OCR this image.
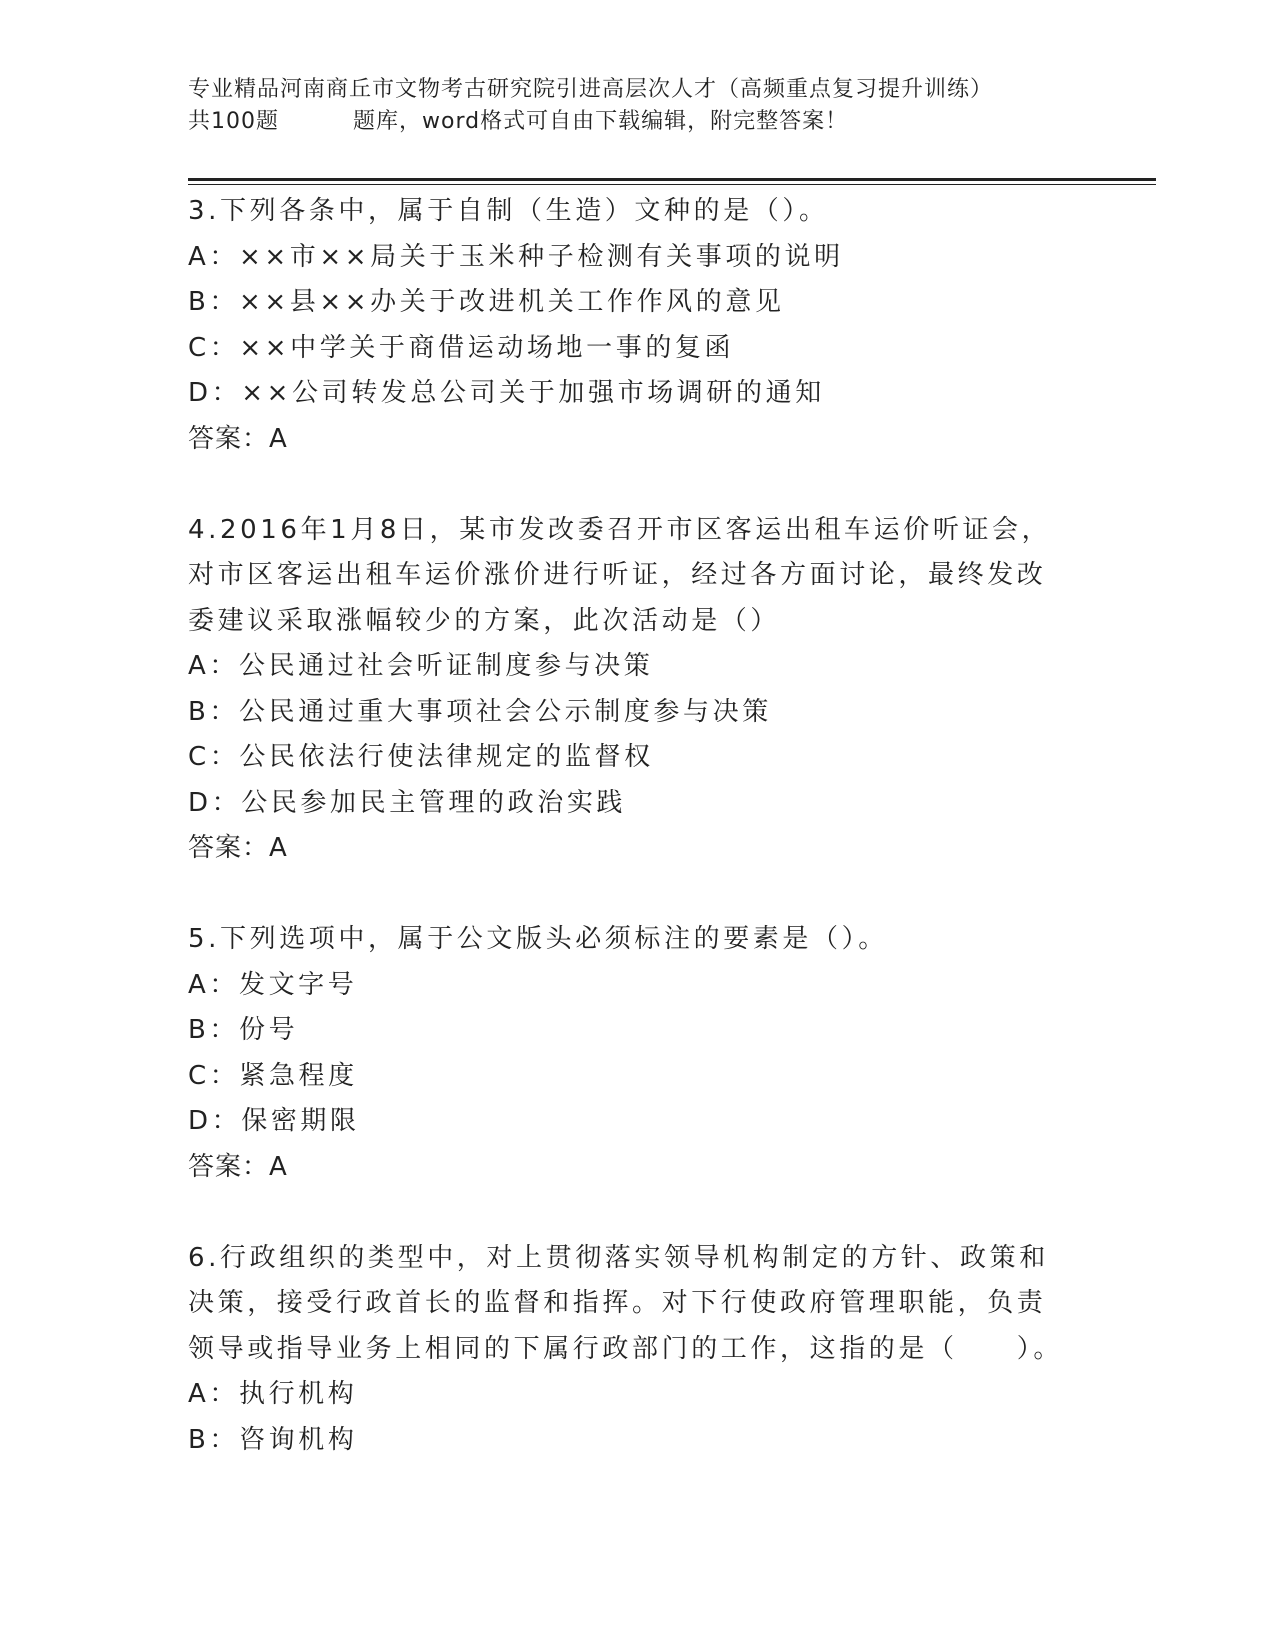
专业精品河南商丘市文物考古研究院引进高层次人才（高频重点复习提升训练）
共100题	题库，word格式可自由下载编辑，附完整答案！

3.下列各条中，属于自制（生造）文种的是（）。

A：××市××局关于玉米种子检测有关事项的说明

B：××县××办关于改进机关工作作风的意见

C：××中学关于商借运动场地一事的复函

D：××公司转发总公司关于加强市场调研的通知

答案：A

4.2016年1月8日，某市发改委召开市区客运出租车运价听证会，对市区客运出租车运价涨价进行听证，经过各方面讨论，最终发改委建议采取涨幅较少的方案，此次活动是（）

A：公民通过社会听证制度参与决策

B：公民通过重大事项社会公示制度参与决策

C：公民依法行使法律规定的监督权

D：公民参加民主管理的政治实践

答案：A

5.下列选项中，属于公文版头必须标注的要素是（）。

A：发文字号

B：份号

C：紧急程度

D：保密期限

答案：A

6.行政组织的类型中，对上贯彻落实领导机构制定的方针、政策和决策，接受行政首长的监督和指挥。对下行使政府管理职能，负责领导或指导业务上相同的下属行政部门的工作，这指的是（　　）。

A：执行机构

B：咨询机构
